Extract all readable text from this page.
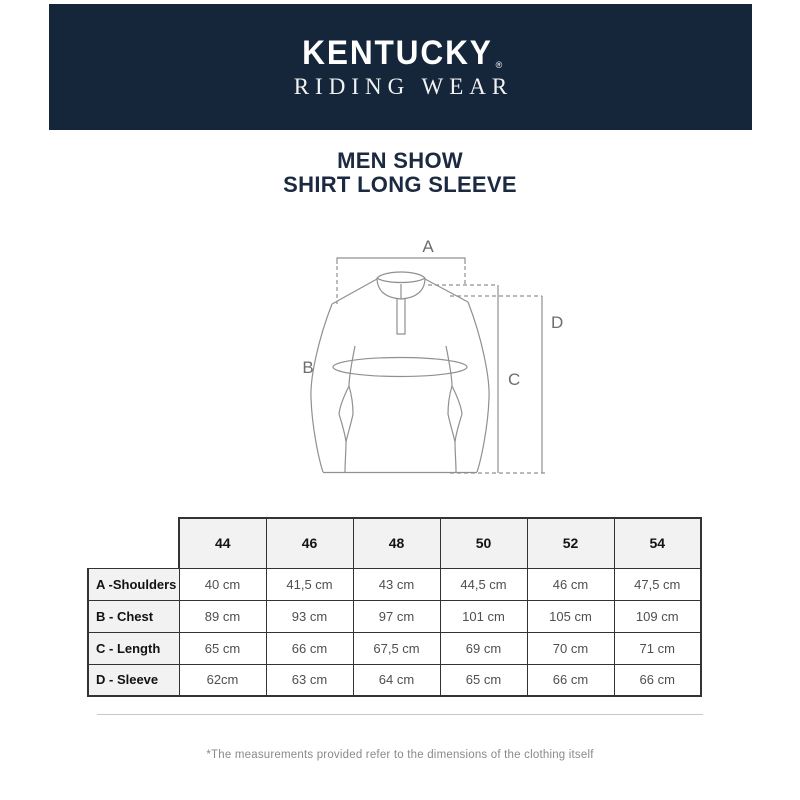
KENTUCKY ®
RIDING WEAR
MEN SHOW
SHIRT LONG SLEEVE
A
B
C
D
	44	46	48	50	52	54
A -Shoulders	40 cm	41,5 cm	43 cm	44,5 cm	46 cm	47,5 cm
B - Chest	89 cm	93 cm	97 cm	101 cm	105 cm	109 cm
C - Length	65 cm	66 cm	67,5 cm	69 cm	70 cm	71 cm
D - Sleeve	62cm	63 cm	64 cm	65 cm	66 cm	66 cm
*The measurements provided refer to the dimensions of the clothing itself
